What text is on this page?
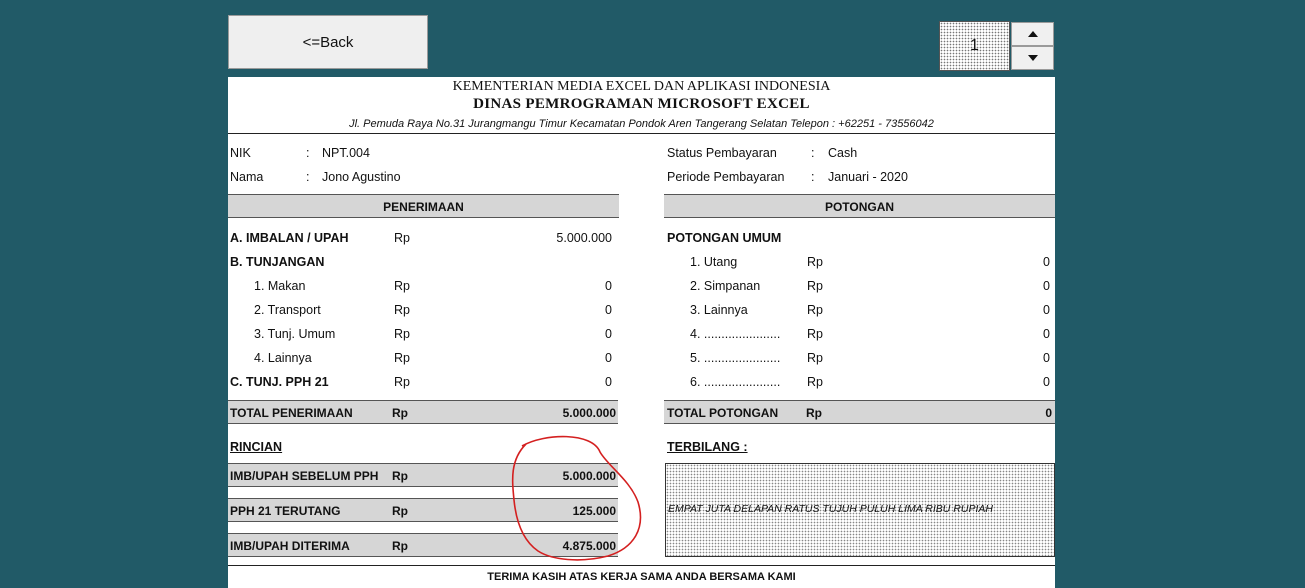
<=Back	1
KEMENTERIAN MEDIA EXCEL DAN APLIKASI INDONESIA
DINAS PEMROGRAMAN MICROSOFT EXCEL
Jl. Pemuda Raya No.31 Jurangmangu Timur Kecamatan Pondok Aren Tangerang Selatan Telepon : +62251 - 73556042
NIK	: NPT.004
Nama	: Jono Agustino
Status Pembayaran	: Cash
Periode Pembayaran : Januari - 2020
PENERIMAAN	POTONGAN
A. IMBALAN / UPAH	Rp	5.000.000
B. TUNJANGAN
1. Makan	Rp	0
2. Transport	Rp	0
3. Tunj. Umum	Rp	0
4. Lainnya	Rp	0
C. TUNJ. PPH 21	Rp	0
TOTAL PENERIMAAN	Rp	5.000.000
POTONGAN UMUM
1. Utang	Rp	0
2. Simpanan	Rp	0
3. Lainnya	Rp	0
4. ...................... Rp	0
5. ...................... Rp	0
6. ...................... Rp	0
TOTAL POTONGAN Rp	0
RINCIAN
IMB/UPAH SEBELUM PPH Rp	5.000.000
PPH 21 TERUTANG	Rp	125.000
IMB/UPAH DITERIMA	Rp	4.875.000
TERBILANG :
EMPAT JUTA DELAPAN RATUS TUJUH PULUH LIMA RIBU RUPIAH
TERIMA KASIH ATAS KERJA SAMA ANDA BERSAMA KAMI
